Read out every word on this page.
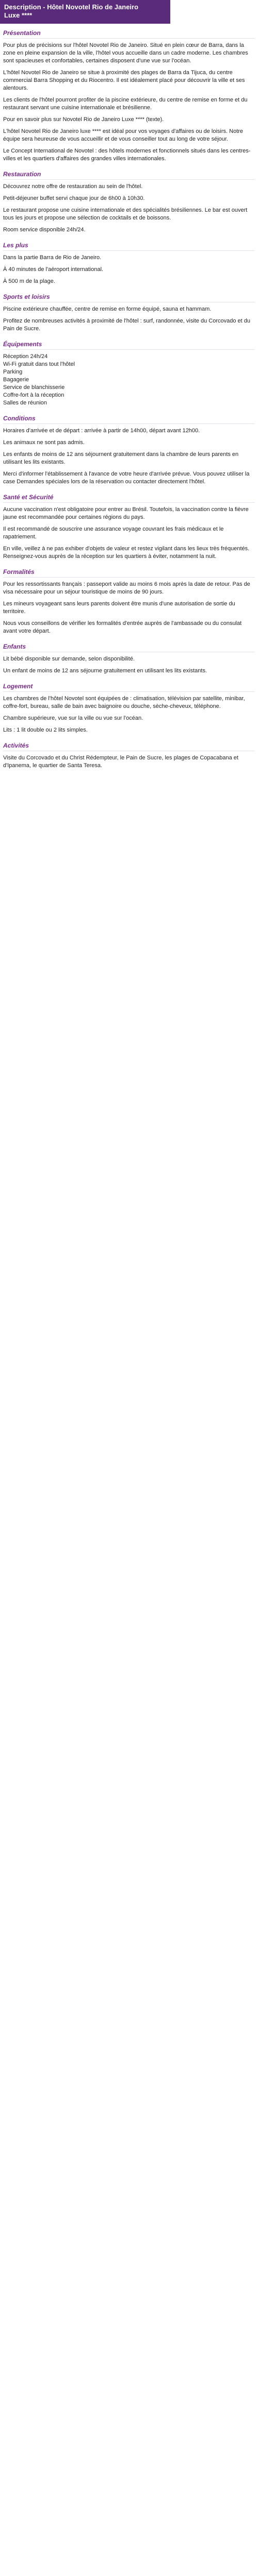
Description - Hôtel Novotel Rio de Janeiro
Luxe ****
Présentation

Pour plus de précisions sur l'hôtel Novotel Rio de Janeiro. Situé en plein cœur de Barra, dans la zone en pleine expansion de la ville, l'hôtel vous accueille dans un cadre moderne. Les chambres sont spacieuses et confortables, certaines disposent d'une vue sur l'océan.

L'hôtel Novotel Rio de Janeiro se situe à proximité des plages de Barra da Tijuca, du centre commercial Barra Shopping et du Riocentro. Il est idéalement placé pour découvrir la ville et ses alentours.

Les clients de l'hôtel pourront profiter de la piscine extérieure, du centre de remise en forme et du restaurant servant une cuisine internationale et brésilienne.

Pour en savoir plus sur Novotel Rio de Janeiro Luxe **** (texte).

L'hôtel Novotel Rio de Janeiro luxe **** est idéal pour vos voyages d'affaires ou de loisirs. Notre équipe sera heureuse de vous accueillir et de vous conseiller tout au long de votre séjour.

Le Concept International de Novotel : des hôtels modernes et fonctionnels situés dans les centres-villes et les quartiers d'affaires des grandes villes internationales.

Restauration

Découvrez notre offre de restauration au sein de l'hôtel.

Petit-déjeuner buffet servi chaque jour de 6h00 à 10h30.

Le restaurant propose une cuisine internationale et des spécialités brésiliennes. Le bar est ouvert tous les jours et propose une sélection de cocktails et de boissons.

Room service disponible 24h/24.

Les plus

Dans la partie Barra de Rio de Janeiro.

À 40 minutes de l'aéroport international.

À 500 m de la plage.

Sports et loisirs

Piscine extérieure chauffée, centre de remise en forme équipé, sauna et hammam.

Profitez de nombreuses activités à proximité de l'hôtel : surf, randonnée, visite du Corcovado et du Pain de Sucre.

Équipements

Réception 24h/24
Wi-Fi gratuit dans tout l'hôtel
Parking
Bagagerie
Service de blanchisserie
Coffre-fort à la réception
Salles de réunion

Conditions

Horaires d'arrivée et de départ : arrivée à partir de 14h00, départ avant 12h00.

Les animaux ne sont pas admis.

Les enfants de moins de 12 ans séjournent gratuitement dans la chambre de leurs parents en utilisant les lits existants.

Merci d'informer l'établissement à l'avance de votre heure d'arrivée prévue. Vous pouvez utiliser la case Demandes spéciales lors de la réservation ou contacter directement l'hôtel.

Santé et Sécurité

Aucune vaccination n'est obligatoire pour entrer au Brésil. Toutefois, la vaccination contre la fièvre jaune est recommandée pour certaines régions du pays.

Il est recommandé de souscrire une assurance voyage couvrant les frais médicaux et le rapatriement.

En ville, veillez à ne pas exhiber d'objets de valeur et restez vigilant dans les lieux très fréquentés. Renseignez-vous auprès de la réception sur les quartiers à éviter, notamment la nuit.

Formalités

Pour les ressortissants français : passeport valide au moins 6 mois après la date de retour. Pas de visa nécessaire pour un séjour touristique de moins de 90 jours.

Les mineurs voyageant sans leurs parents doivent être munis d'une autorisation de sortie du territoire.

Nous vous conseillons de vérifier les formalités d'entrée auprès de l'ambassade ou du consulat avant votre départ.

Enfants

Lit bébé disponible sur demande, selon disponibilité.

Un enfant de moins de 12 ans séjourne gratuitement en utilisant les lits existants.

Logement

Les chambres de l'hôtel Novotel sont équipées de : climatisation, télévision par satellite, minibar, coffre-fort, bureau, salle de bain avec baignoire ou douche, sèche-cheveux, téléphone.

Chambre supérieure, vue sur la ville ou vue sur l'océan.

Lits : 1 lit double ou 2 lits simples.

Activités

Visite du Corcovado et du Christ Rédempteur, le Pain de Sucre, les plages de Copacabana et d'Ipanema, le quartier de Santa Teresa.
